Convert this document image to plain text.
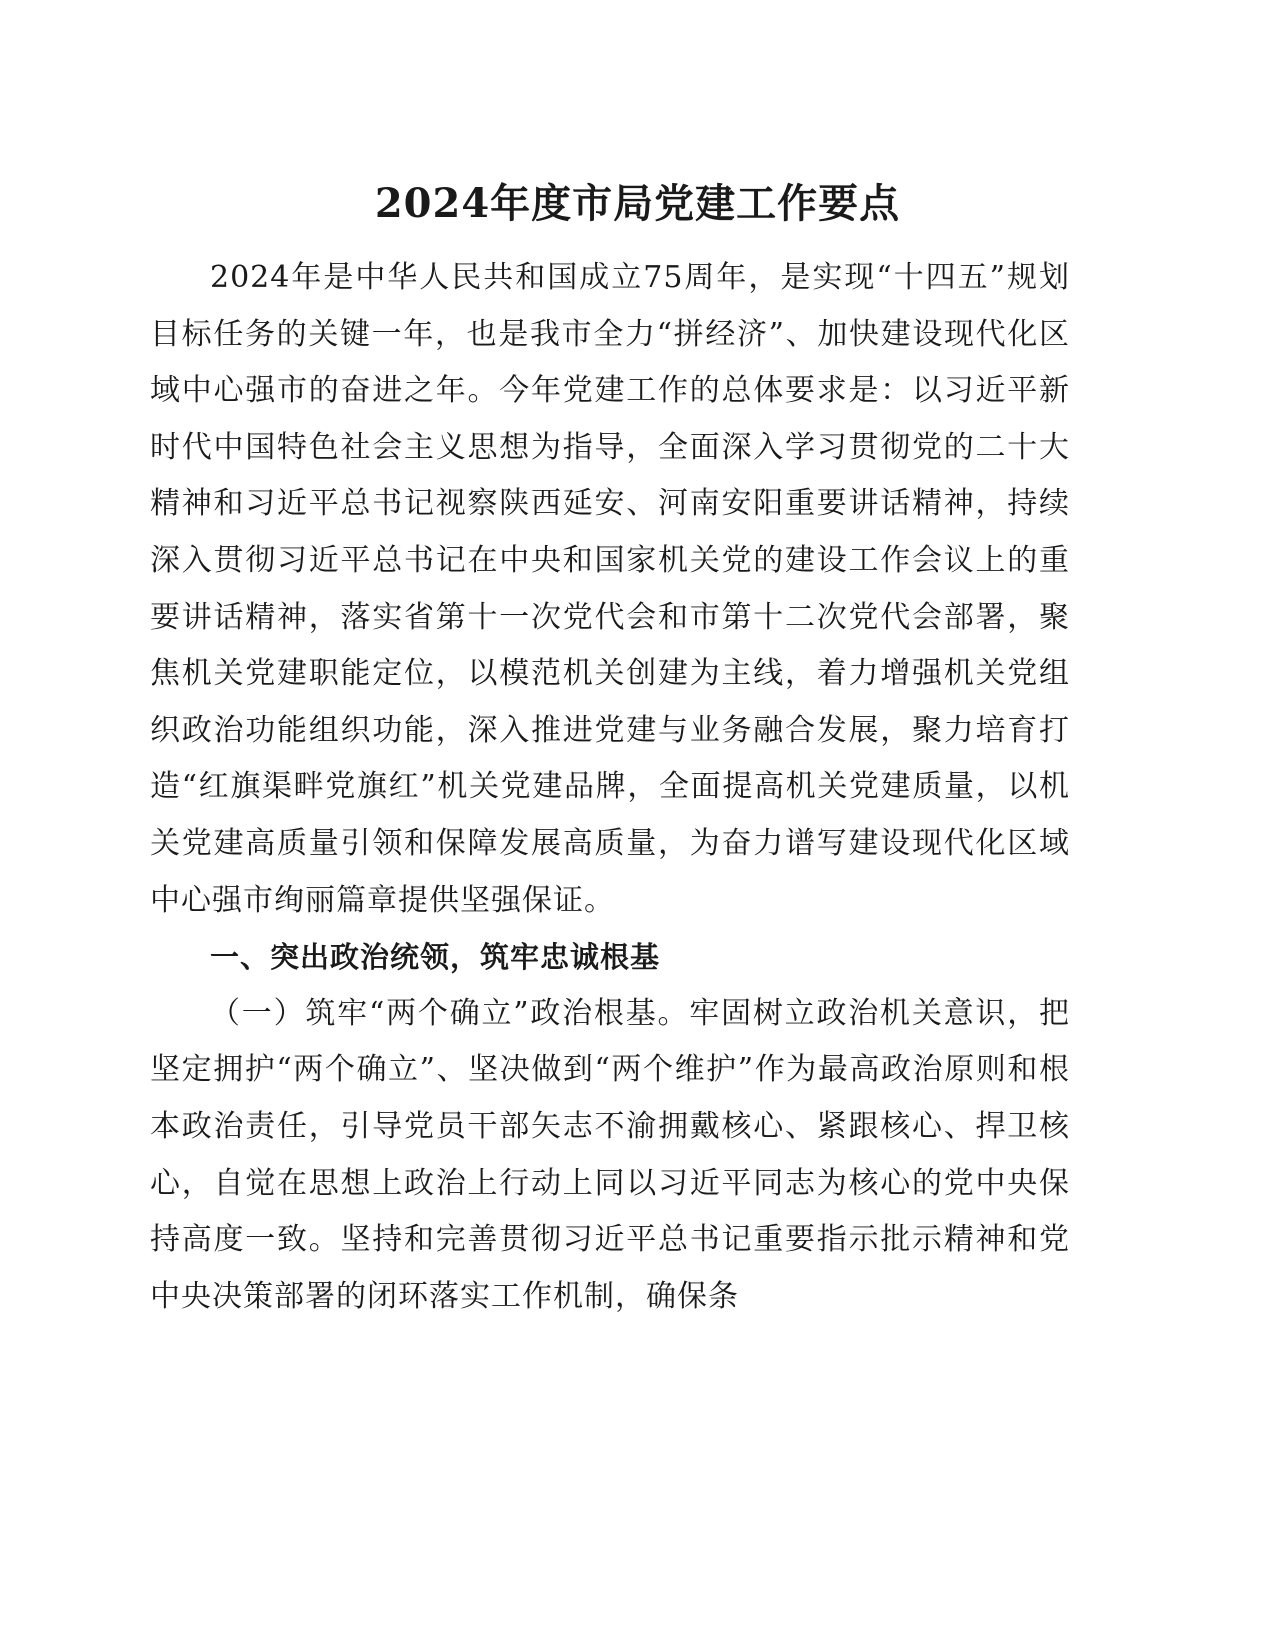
2024年度市局党建工作要点

2024年是中华人民共和国成立75周年，是实现“十四五”规划目标任务的关键一年，也是我市全力“拼经济”、加快建设现代化区域中心强市的奋进之年。今年党建工作的总体要求是：以习近平新时代中国特色社会主义思想为指导，全面深入学习贯彻党的二十大精神和习近平总书记视察陕西延安、河南安阳重要讲话精神，持续深入贯彻习近平总书记在中央和国家机关党的建设工作会议上的重要讲话精神，落实省第十一次党代会和市第十二次党代会部署，聚焦机关党建职能定位，以模范机关创建为主线，着力增强机关党组织政治功能组织功能，深入推进党建与业务融合发展，聚力培育打造“红旗渠畔党旗红”机关党建品牌，全面提高机关党建质量，以机关党建高质量引领和保障发展高质量，为奋力谱写建设现代化区域中心强市绚丽篇章提供坚强保证。

一、突出政治统领，筑牢忠诚根基

（一）筑牢“两个确立”政治根基。牢固树立政治机关意识，把坚定拥护“两个确立”、坚决做到“两个维护”作为最高政治原则和根本政治责任，引导党员干部矢志不渝拥戴核心、紧跟核心、捍卫核心，自觉在思想上政治上行动上同以习近平同志为核心的党中央保持高度一致。坚持和完善贯彻习近平总书记重要指示批示精神和党中央决策部署的闭环落实工作机制，确保条
